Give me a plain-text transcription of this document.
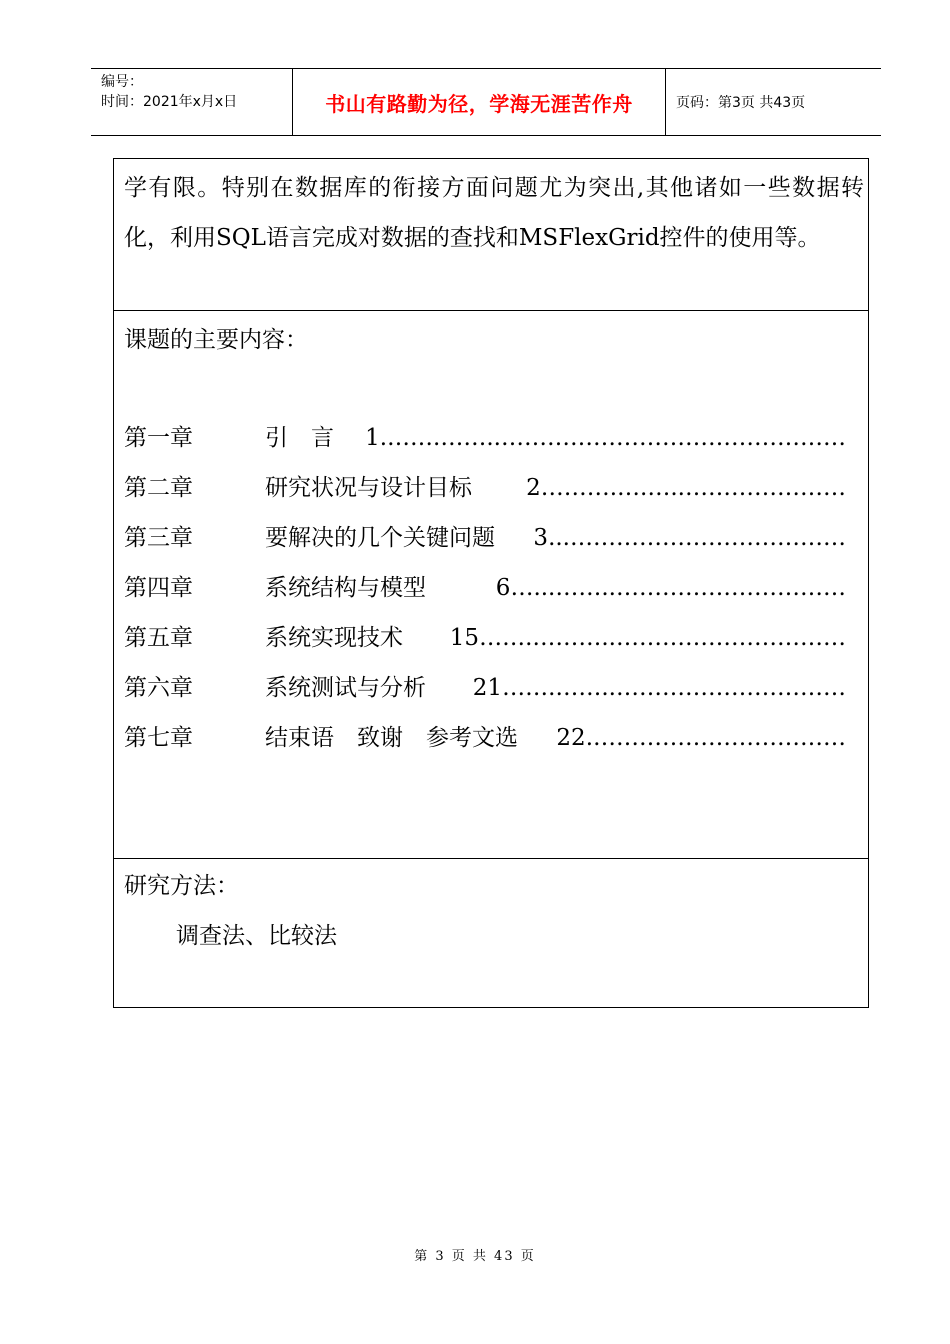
编号：
时间：2021年x月x日	书山有路勤为径，学海无涯苦作舟	页码：第3页 共43页
学有限。特别在数据库的衔接方面问题尤为突出,其他诸如一些数据转化，利用SQL语言完成对数据的查找和MSFlexGrid控件的使用等。
课题的主要内容：
第一章	引　言	………………………………………..…….…….1
第二章	研究状况与设计目标	…………………..….….………2
第三章	要解决的几个关键问题	………………………………...3
第四章	系统结构与模型	…………………………..……...…6
第五章	系统实现技术	…………………………..……….……15
第六章	系统测试与分析	…………………………..…….……21
第七章	结束语　致谢　参考文选	…………………………….22
研究方法：
调查法、比较法
第 3 页 共 43 页
